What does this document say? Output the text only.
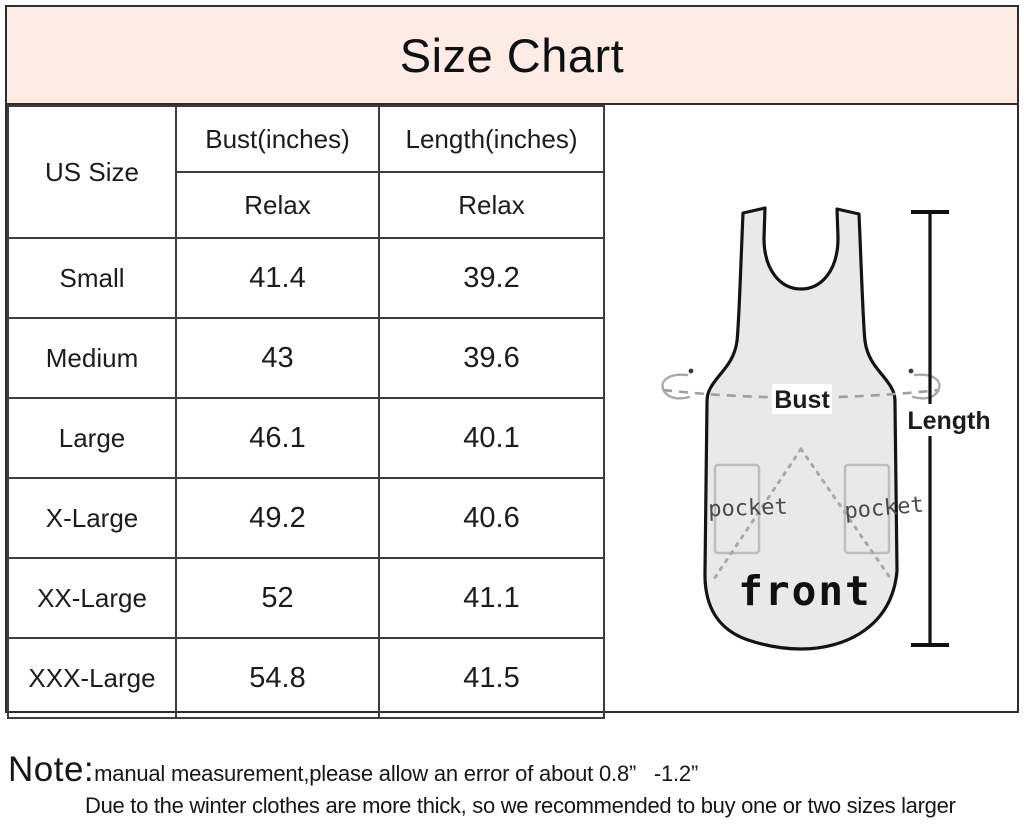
Size Chart
US Size	Bust(inches)	Length(inches)
	Relax	Relax
Small	41.4	39.2
Medium	43	39.6
Large	46.1	40.1
X-Large	49.2	40.6
XX-Large	52	41.1
XXX-Large	54.8	41.5
Bust
Length
pocket	pocket
front
Note: manual measurement,please allow an error of about 0.8”   -1.2”
Due to the winter clothes are more thick, so we recommended to buy one or two sizes larger
